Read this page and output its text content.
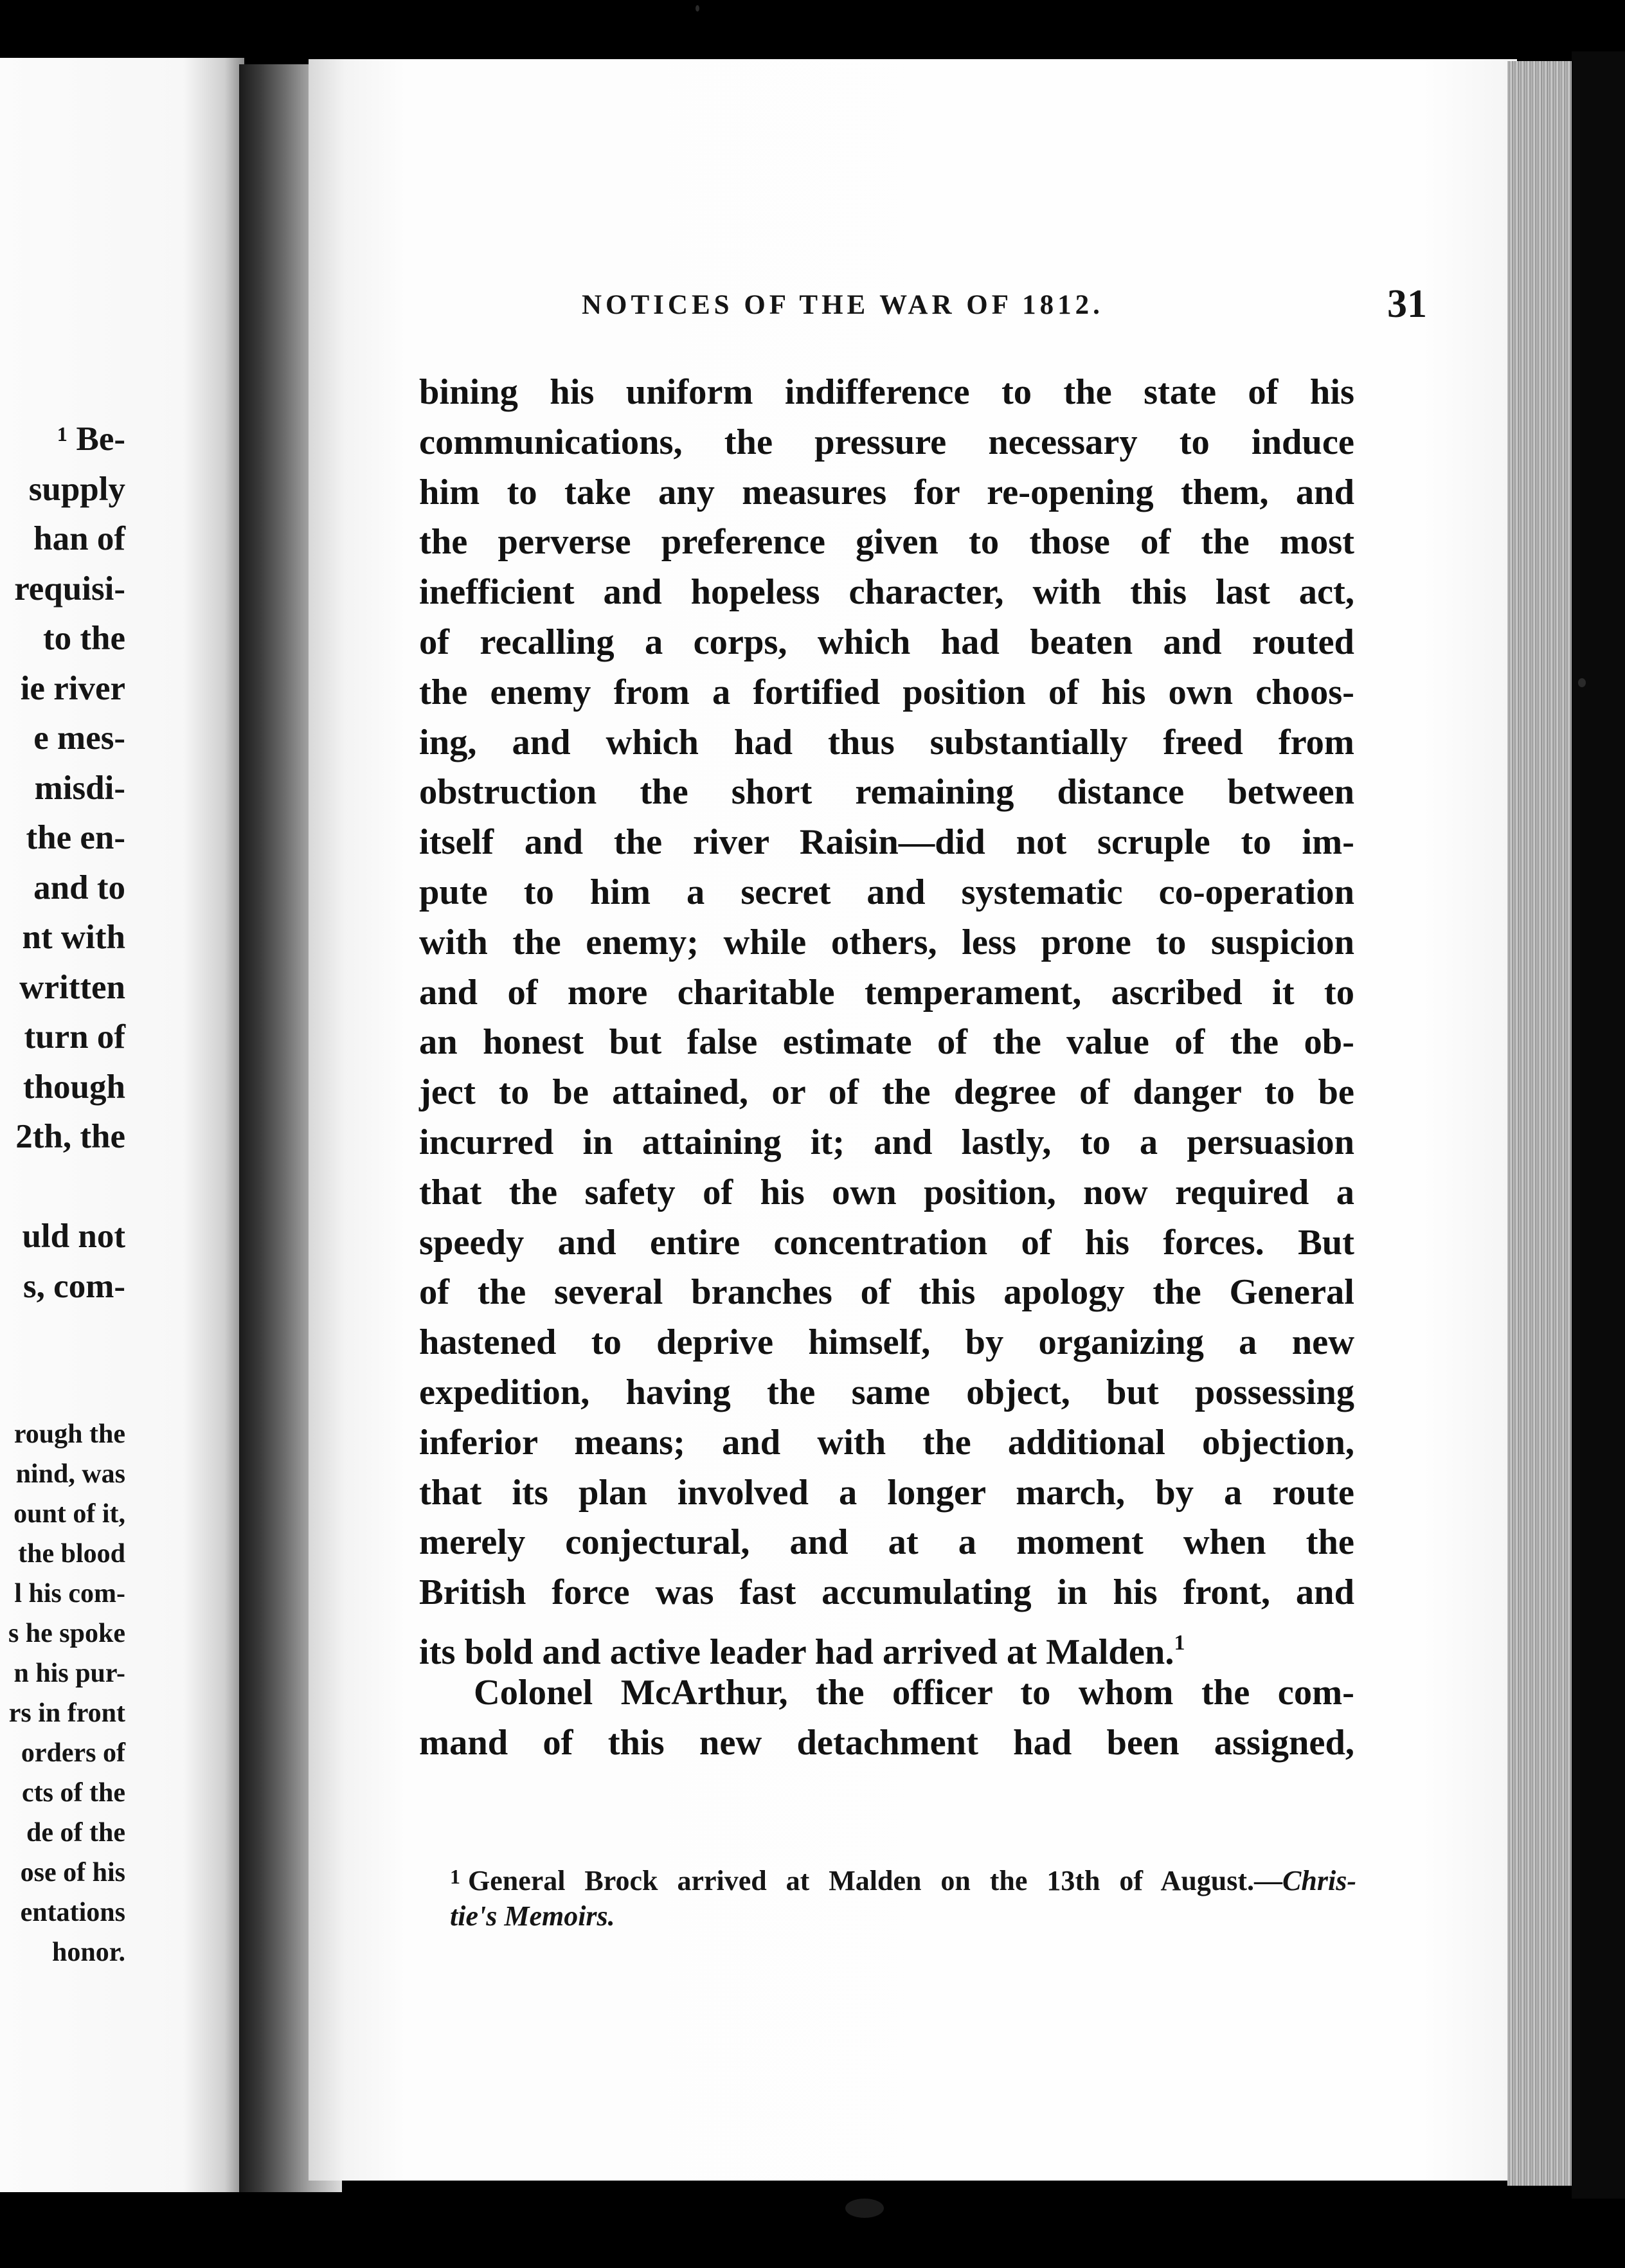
¹ Be-
supply
han of
requisi-
to the
ie river
e mes-
misdi-
the en-
and to
nt with
written
turn of
though
2th, the
uld not
s, com-
rough the
nind, was
ount of it,
the blood
l his com-
s he spoke
n his pur-
rs in front
orders of
cts of the
de of the
ose of his
entations
honor.
NOTICES OF THE WAR OF 1812.	31
bining his uniform indifference to the state of his
communications, the pressure necessary to induce
him to take any measures for re-opening them, and
the perverse preference given to those of the most
inefficient and hopeless character, with this last act,
of recalling a corps, which had beaten and routed
the enemy from a fortified position of his own choos-
ing, and which had thus substantially freed from
obstruction the short remaining distance between
itself and the river Raisin—did not scruple to im-
pute to him a secret and systematic co-operation
with the enemy; while others, less prone to suspicion
and of more charitable temperament, ascribed it to
an honest but false estimate of the value of the ob-
ject to be attained, or of the degree of danger to be
incurred in attaining it; and lastly, to a persuasion
that the safety of his own position, now required a
speedy and entire concentration of his forces. But
of the several branches of this apology the General
hastened to deprive himself, by organizing a new
expedition, having the same object, but possessing
inferior means; and with the additional objection,
that its plan involved a longer march, by a route
merely conjectural, and at a moment when the
British force was fast accumulating in his front, and
its bold and active leader had arrived at Malden.$^1$
Colonel McArthur, the officer to whom the com-
mand of this new detachment had been assigned,
$^1$ General Brock arrived at Malden on the 13th of August.—Chris-
tie's Memoirs.
